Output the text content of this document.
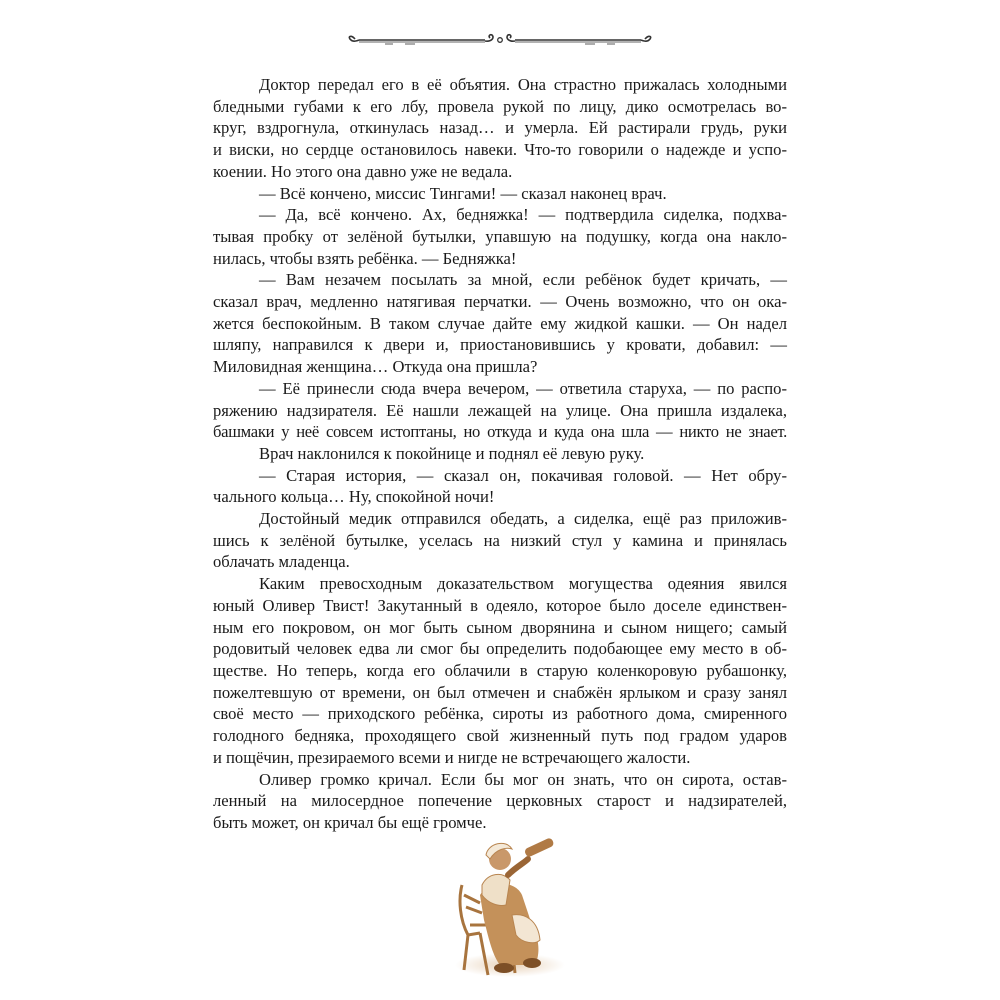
Доктор передал его в её объятия. Она страстно прижалась холодными
бледными губами к его лбу, провела рукой по лицу, дико осмотрелась во-
круг, вздрогнула, откинулась назад… и умерла. Ей растирали грудь, руки
и виски, но сердце остановилось навеки. Что-то говорили о надежде и успо-
коении. Но этого она давно уже не ведала.

— Всё кончено, миссис Тингами! — сказал наконец врач.

— Да, всё кончено. Ах, бедняжка! — подтвердила сиделка, подхва-
тывая пробку от зелёной бутылки, упавшую на подушку, когда она накло-
нилась, чтобы взять ребёнка. — Бедняжка!

— Вам незачем посылать за мной, если ребёнок будет кричать, —
сказал врач, медленно натягивая перчатки. — Очень возможно, что он ока-
жется беспокойным. В таком случае дайте ему жидкой кашки. — Он надел
шляпу, направился к двери и, приостановившись у кровати, добавил: —
Миловидная женщина… Откуда она пришла?

— Её принесли сюда вчера вечером, — ответила старуха, — по распо-
ряжению надзирателя. Её нашли лежащей на улице. Она пришла издалека,
башмаки у неё совсем истоптаны, но откуда и куда она шла — никто не знает.

Врач наклонился к покойнице и поднял её левую руку.

— Старая история, — сказал он, покачивая головой. — Нет обру-
чального кольца… Ну, спокойной ночи!

Достойный медик отправился обедать, а сиделка, ещё раз приложив-
шись к зелёной бутылке, уселась на низкий стул у камина и принялась
облачать младенца.

Каким превосходным доказательством могущества одеяния явился
юный Оливер Твист! Закутанный в одеяло, которое было доселе единствен-
ным его покровом, он мог быть сыном дворянина и сыном нищего; самый
родовитый человек едва ли смог бы определить подобающее ему место в об-
ществе. Но теперь, когда его облачили в старую коленкоровую рубашонку,
пожелтевшую от времени, он был отмечен и снабжён ярлыком и сразу занял
своё место — приходского ребёнка, сироты из работного дома, смиренного
голодного бедняка, проходящего свой жизненный путь под градом ударов
и пощёчин, презираемого всеми и нигде не встречающего жалости.

Оливер громко кричал. Если бы мог он знать, что он сирота, остав-
ленный на милосердное попечение церковных старост и надзирателей,
быть может, он кричал бы ещё громче.
